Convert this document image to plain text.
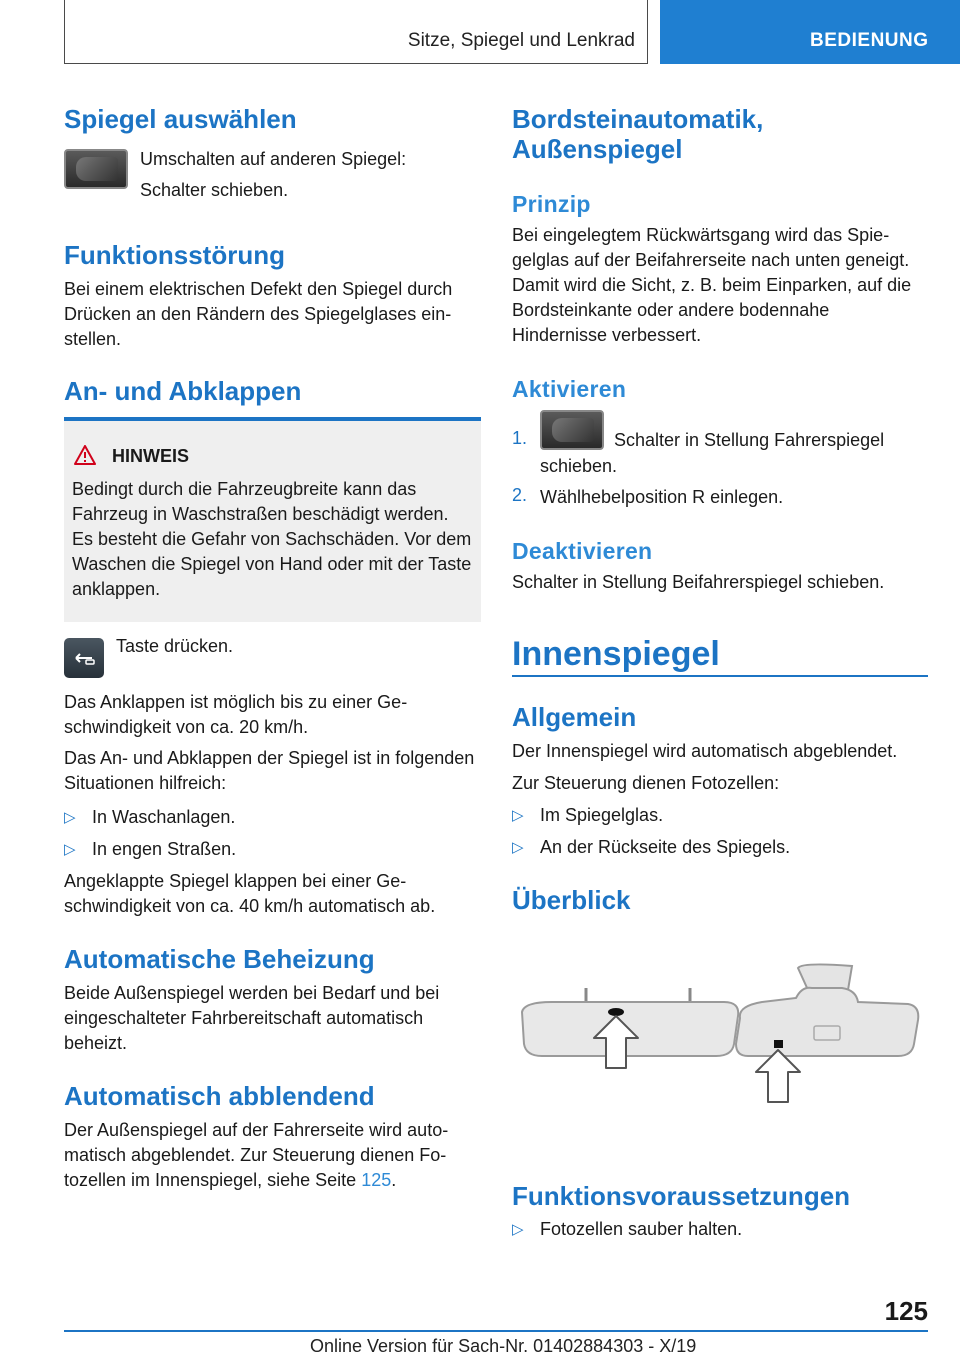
Sitze, Spiegel und Lenkrad	BEDIENUNG
Spiegel auswählen

Umschalten auf anderen Spiegel:

Schalter schieben.

Funktionsstörung

Bei einem elektrischen Defekt den Spiegel durch Drücken an den Rändern des Spiegelglases einstellen.

An- und Abklappen
HINWEIS

Bedingt durch die Fahrzeugbreite kann das Fahrzeug in Waschstraßen beschädigt werden. Es besteht die Gefahr von Sachschäden. Vor dem Waschen die Spiegel von Hand oder mit der Taste anklappen.

Taste drücken.

Das Anklappen ist möglich bis zu einer Geschwindigkeit von ca. 20 km/h.

Das An- und Abklappen der Spiegel ist in folgenden Situationen hilfreich:

▷ In Waschanlagen.

▷ In engen Straßen.

Angeklappte Spiegel klappen bei einer Geschwindigkeit von ca. 40 km/h automatisch ab.

Automatische Beheizung

Beide Außenspiegel werden bei Bedarf und bei eingeschalteter Fahrbereitschaft automatisch beheizt.

Automatisch abblendend

Der Außenspiegel auf der Fahrerseite wird automatisch abgeblendet. Zur Steuerung dienen Fotozellen im Innenspiegel, siehe Seite 125.

Bordsteinautomatik,
Außenspiegel
Prinzip

Bei eingelegtem Rückwärtsgang wird das Spiegelglas auf der Beifahrerseite nach unten geneigt. Damit wird die Sicht, z. B. beim Einparken, auf die Bordsteinkante oder andere bodennahe Hindernisse verbessert.

Aktivieren
1.	Schalter in Stellung Fahrerspiegel

schieben.

2. Wählhebelposition R einlegen.

Deaktivieren

Schalter in Stellung Beifahrerspiegel schieben.

Innenspiegel
Allgemein

Der Innenspiegel wird automatisch abgeblendet.

Zur Steuerung dienen Fotozellen:

▷ Im Spiegelglas.

▷ An der Rückseite des Spiegels.

Überblick
Funktionsvoraussetzungen
▷ Fotozellen sauber halten.

125
Online Version für Sach-Nr. 01402884303 - X/19
